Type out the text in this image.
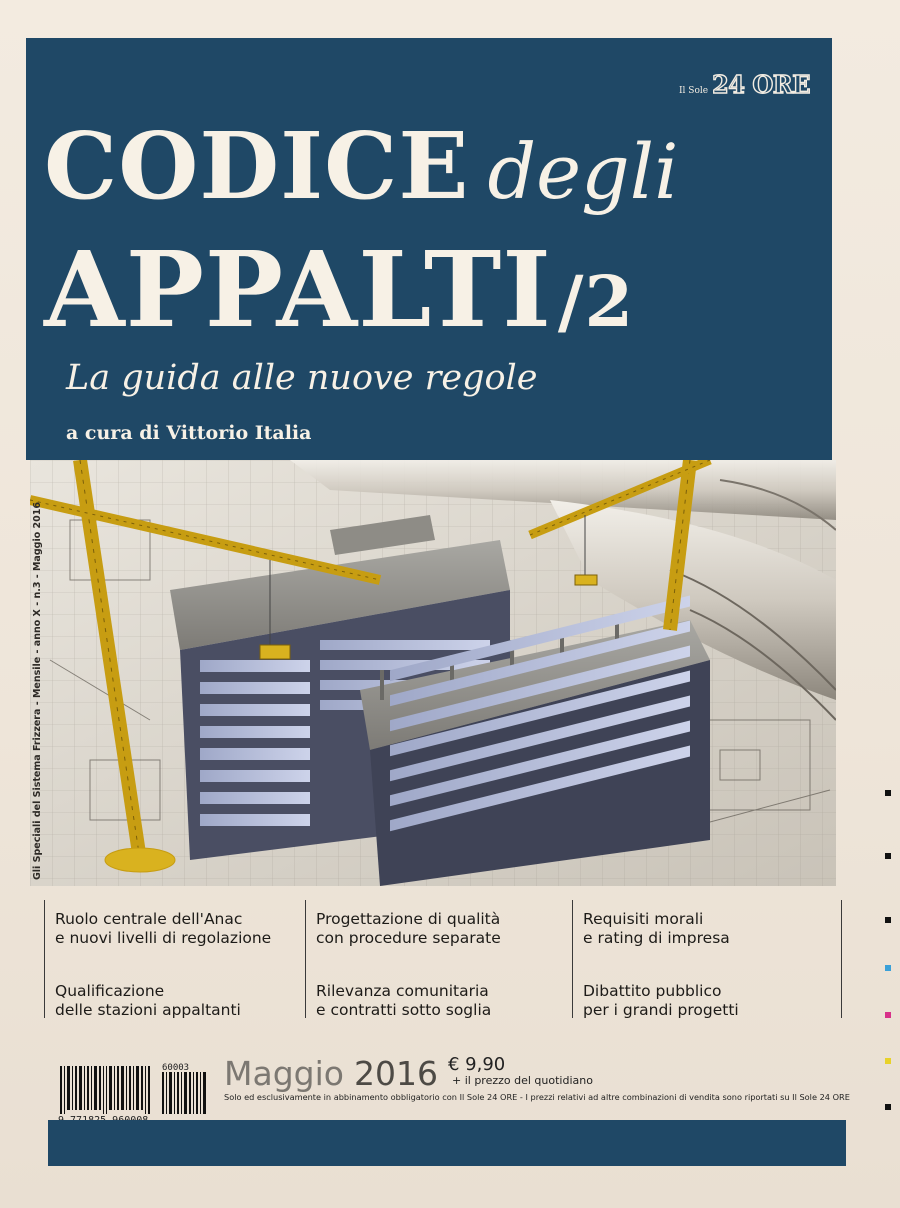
Il Sole 24 ORE
CODICE degli
APPALTI/2
La guida alle nuove regole
a cura di Vittorio Italia
Gli Speciali del Sistema Frizzera - Mensile - anno X - n.3 - Maggio 2016
Ruolo centrale dell'Anac
e nuovi livelli di regolazione
Qualificazione
delle stazioni appaltanti
Progettazione di qualità
con procedure separate
Rilevanza comunitaria
e contratti sotto soglia
Requisiti morali
e rating di impresa
Dibattito pubblico
per i grandi progetti
60003 Maggio 2016 € 9,90
+ il prezzo del quotidiano
Solo ed esclusivamente in abbinamento obbligatorio con Il Sole 24 ORE - I prezzi relativi ad altre combinazioni di vendita sono riportati su Il Sole 24 ORE
